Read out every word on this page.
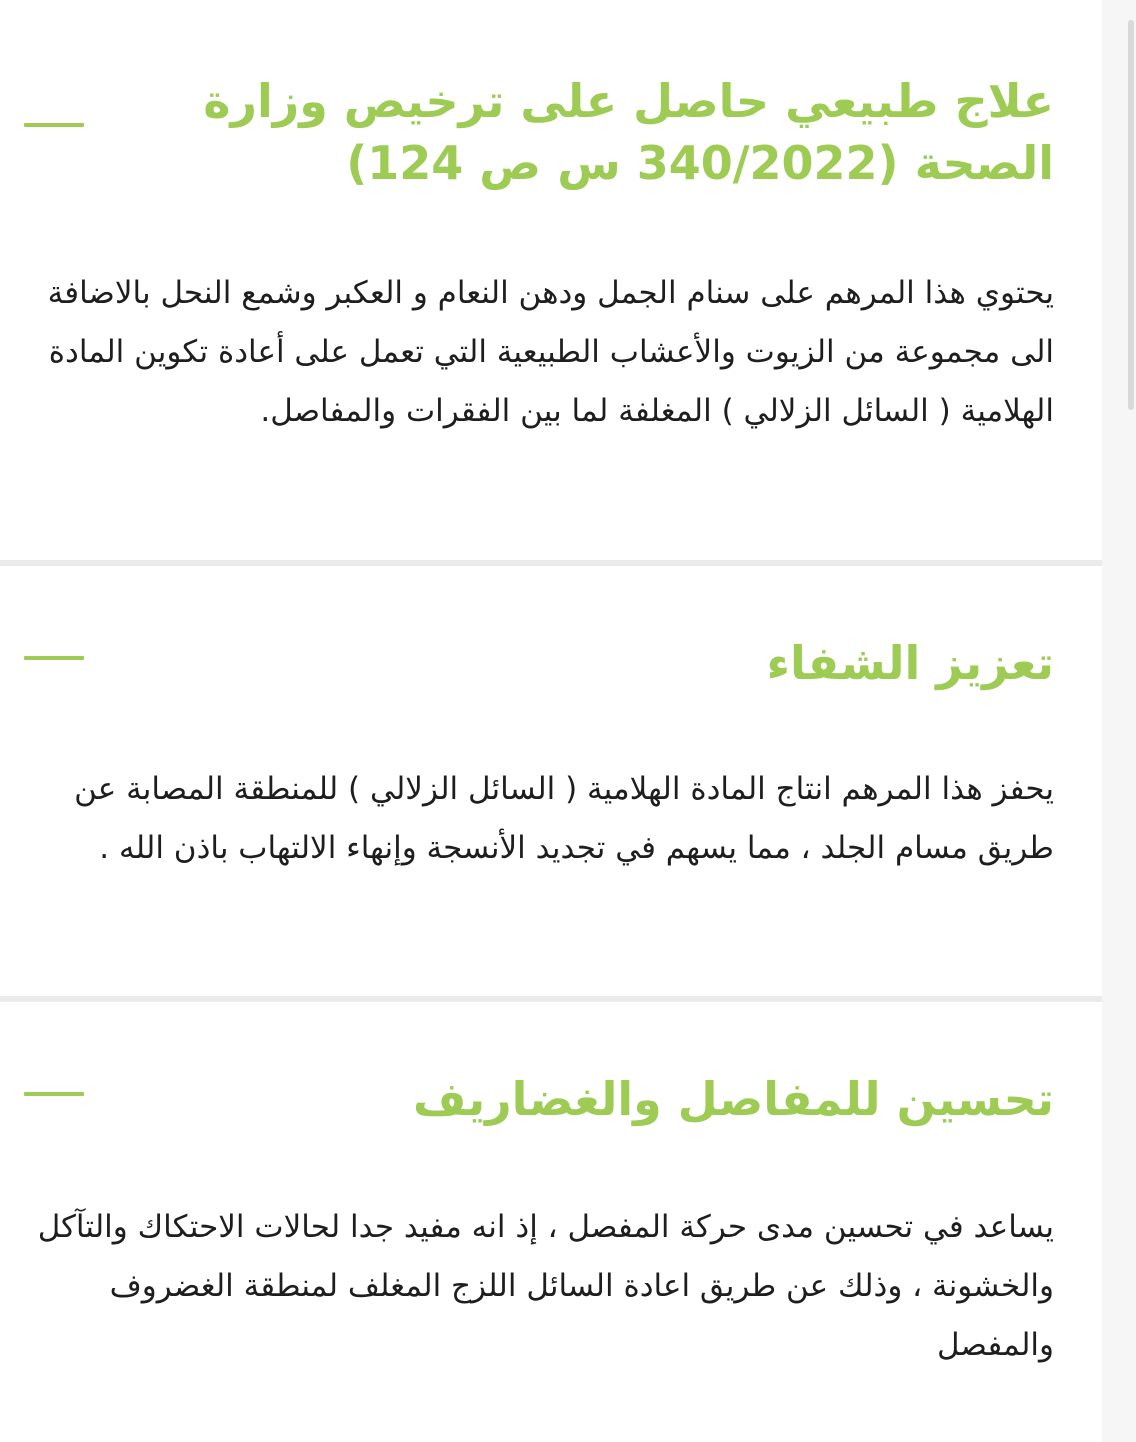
علاج طبيعي حاصل على ترخيص وزارة الصحة (340/2022 س ص 124)

يحتوي هذا المرهم على سنام الجمل ودهن النعام و العكبر وشمع النحل بالاضافة الى مجموعة من الزيوت والأعشاب الطبيعية التي تعمل على أعادة تكوين المادة الهلامية ( السائل الزلالي ) المغلفة لما بين الفقرات والمفاصل.

تعزيز الشفاء

يحفز هذا المرهم انتاج المادة الهلامية ( السائل الزلالي ) للمنطقة المصابة عن طريق مسام الجلد ، مما يسهم في تجديد الأنسجة وإنهاء الالتهاب باذن الله .

تحسين للمفاصل والغضاريف

يساعد في تحسين مدى حركة المفصل ، إذ انه مفيد جدا لحالات الاحتكاك والتآكل والخشونة ، وذلك عن طريق اعادة السائل اللزج المغلف لمنطقة الغضروف والمفصل
